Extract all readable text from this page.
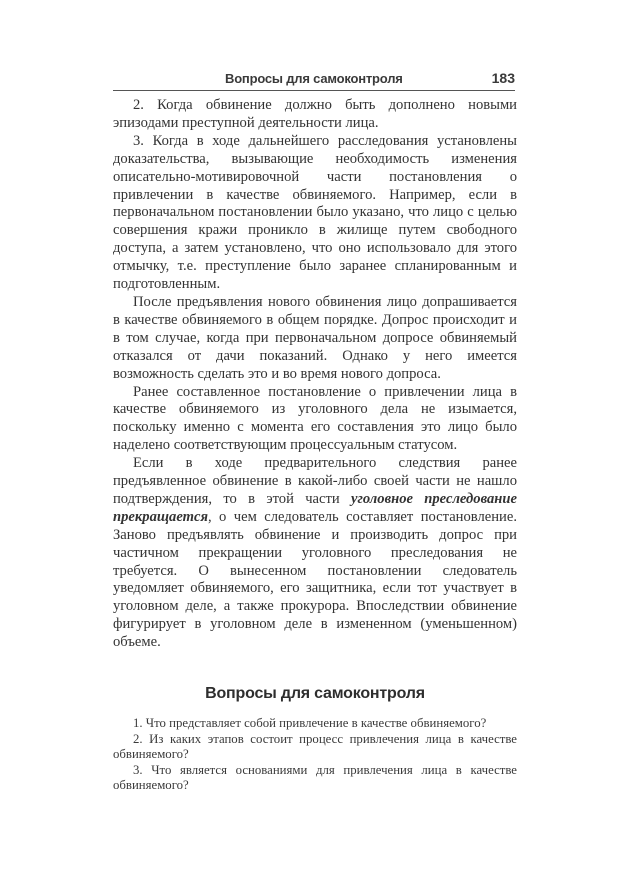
Вопросы для самоконтроля	183

2. Когда обвинение должно быть дополнено новыми эпизодами преступной деятельности лица.

3. Когда в ходе дальнейшего расследования установлены доказательства, вызывающие необходимость изменения описательно-мотивировочной части постановления о привлечении в качестве обвиняемого. Например, если в первоначальном постановлении было указано, что лицо с целью совершения кражи проникло в жилище путем свободного доступа, а затем установлено, что оно использовало для этого отмычку, т.е. преступление было заранее спланированным и подготовленным.

После предъявления нового обвинения лицо допрашивается в качестве обвиняемого в общем порядке. Допрос происходит и в том случае, когда при первоначальном допросе обвиняемый отказался от дачи показаний. Однако у него имеется возможность сделать это и во время нового допроса.

Ранее составленное постановление о привлечении лица в качестве обвиняемого из уголовного дела не изымается, поскольку именно с момента его составления это лицо было наделено соответствующим процессуальным статусом.

Если в ходе предварительного следствия ранее предъявленное обвинение в какой-либо своей части не нашло подтверждения, то в этой части уголовное преследование прекращается, о чем следователь составляет постановление. Заново предъявлять обвинение и производить допрос при частичном прекращении уголовного преследования не требуется. О вынесенном постановлении следователь уведомляет обвиняемого, его защитника, если тот участвует в уголовном деле, а также прокурора. Впоследствии обвинение фигурирует в уголовном деле в измененном (уменьшенном) объеме.

Вопросы для самоконтроля

1. Что представляет собой привлечение в качестве обвиняемого?

2. Из каких этапов состоит процесс привлечения лица в качестве обвиняемого?

3. Что является основаниями для привлечения лица в качестве обвиняемого?
